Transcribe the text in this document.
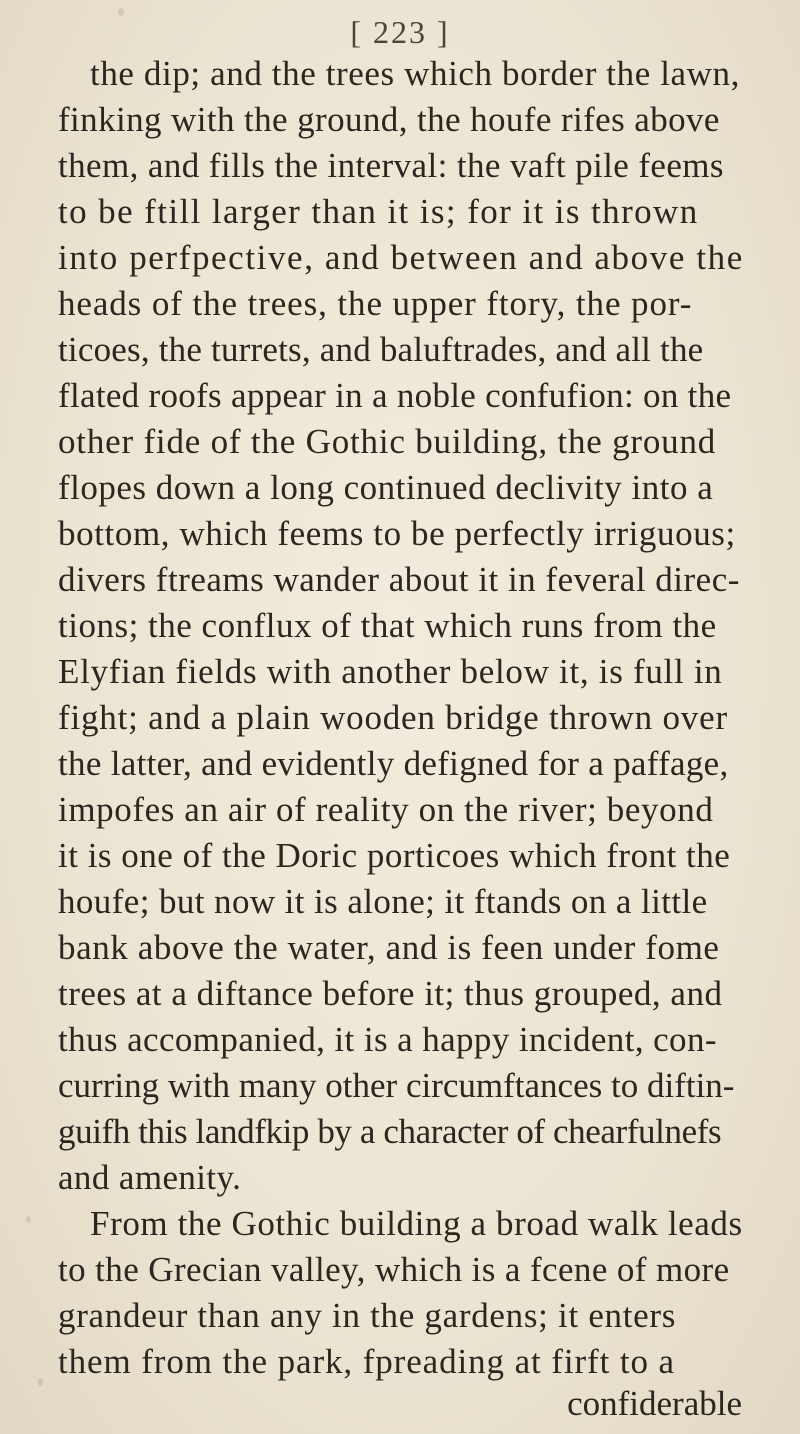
[ 223 ]
the dip; and the trees which border the lawn,
finking with the ground, the houfe rifes above
them, and fills the interval: the vaft pile feems
to be ftill larger than it is; for it is thrown
into perfpective, and between and above the
heads of the trees, the upper ftory, the por-
ticoes, the turrets, and baluftrades, and all the
flated roofs appear in a noble confufion: on the
other fide of the Gothic building, the ground
flopes down a long continued declivity into a
bottom, which feems to be perfectly irriguous;
divers ftreams wander about it in feveral direc-
tions; the conflux of that which runs from the
Elyfian fields with another below it, is full in
fight; and a plain wooden bridge thrown over
the latter, and evidently defigned for a paffage,
impofes an air of reality on the river; beyond
it is one of the Doric porticoes which front the
houfe; but now it is alone; it ftands on a little
bank above the water, and is feen under fome
trees at a diftance before it; thus grouped, and
thus accompanied, it is a happy incident, con-
curring with many other circumftances to diftin-
guifh this landfkip by a character of chearfulnefs
and amenity.
From the Gothic building a broad walk leads
to the Grecian valley, which is a fcene of more
grandeur than any in the gardens; it enters
them from the park, fpreading at firft to a
confiderable
